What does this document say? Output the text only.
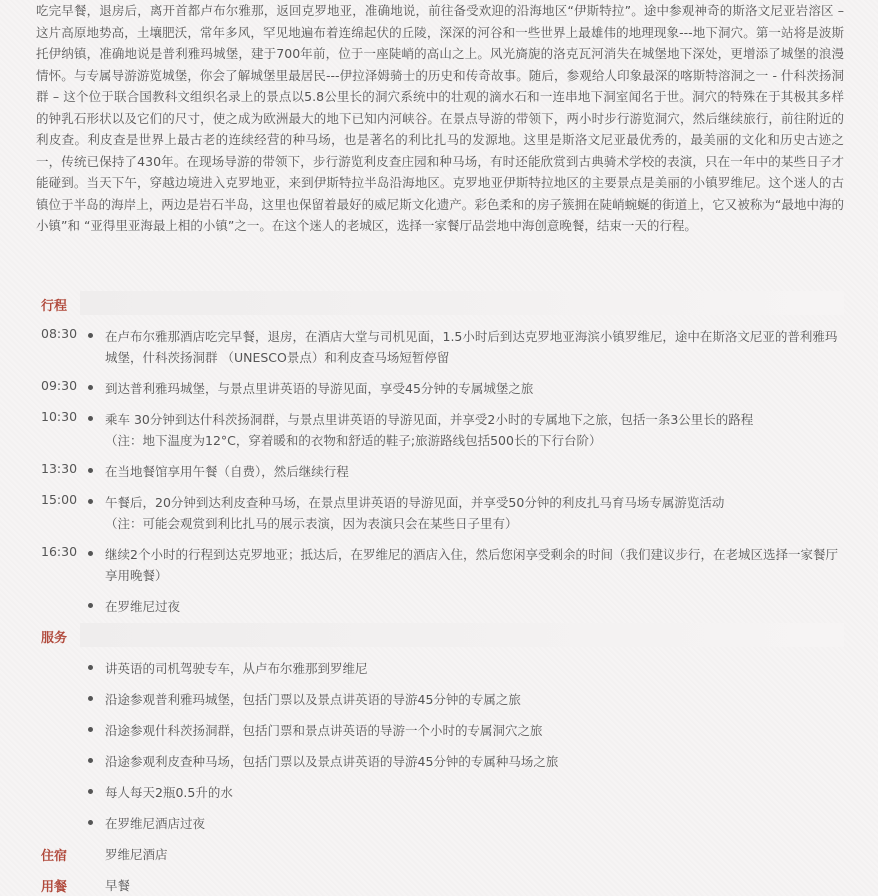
吃完早餐，退房后，离开首都卢布尔雅那，返回克罗地亚，准确地说，前往备受欢迎的沿海地区“伊斯特拉”。途中参观神奇的斯洛文尼亚岩溶区 – 这片高原地势高，土壤肥沃，常年多风，罕见地遍布着连绵起伏的丘陵，深深的河谷和一些世界上最雄伟的地理现象---地下洞穴。第一站将是波斯托伊纳镇，准确地说是普利雅玛城堡，建于700年前，位于一座陡峭的高山之上。风光旖旎的洛克瓦河消失在城堡地下深处，更增添了城堡的浪漫情怀。与专属导游游览城堡，你会了解城堡里最居民---伊拉泽姆骑士的历史和传奇故事。随后，参观给人印象最深的喀斯特溶洞之一 - 什科茨扬洞群 – 这个位于联合国教科文组织名录上的景点以5.8公里长的洞穴系统中的壮观的滴水石和一连串地下洞室闻名于世。洞穴的特殊在于其极其多样的钟乳石形状以及它们的尺寸，使之成为欧洲最大的地下已知内河峡谷。在景点导游的带领下，两小时步行游览洞穴，然后继续旅行，前往附近的利皮查。利皮查是世界上最古老的连续经营的种马场，也是著名的利比扎马的发源地。这里是斯洛文尼亚最优秀的，最美丽的文化和历史古迹之一，传统已保持了430年。在现场导游的带领下，步行游览利皮查庄园和种马场，有时还能欣赏到古典骑术学校的表演，只在一年中的某些日子才能碰到。当天下午，穿越边境进入克罗地亚，来到伊斯特拉半岛沿海地区。克罗地亚伊斯特拉地区的主要景点是美丽的小镇罗维尼。这个迷人的古镇位于半岛的海岸上，两边是岩石半岛，这里也保留着最好的威尼斯文化遗产。彩色柔和的房子簇拥在陡峭蜿蜒的街道上，它又被称为“最地中海的小镇”和 “亚得里亚海最上相的小镇”之一。在这个迷人的老城区，选择一家餐厅品尝地中海创意晚餐，结束一天的行程。

行程
08:30 在卢布尔雅那酒店吃完早餐，退房，在酒店大堂与司机见面，1.5小时后到达克罗地亚海滨小镇罗维尼，途中在斯洛文尼亚的普利雅玛城堡，什科茨扬洞群 （UNESCO景点）和利皮查马场短暂停留
09:30 到达普利雅玛城堡，与景点里讲英语的导游见面，享受45分钟的专属城堡之旅
10:30 乘车 30分钟到达什科茨扬洞群，与景点里讲英语的导游见面，并享受2小时的专属地下之旅，包括一条3公里长的路程
（注：地下温度为12°C，穿着暖和的衣物和舒适的鞋子;旅游路线包括500长的下行台阶）
13:30 在当地餐馆享用午餐（自费），然后继续行程
15:00 午餐后，20分钟到达利皮查种马场，在景点里讲英语的导游见面，并享受50分钟的利皮扎马育马场专属游览活动
（注：可能会观赏到利比扎马的展示表演，因为表演只会在某些日子里有）
16:30 继续2个小时的行程到达克罗地亚；抵达后，在罗维尼的酒店入住，然后您闲享受剩余的时间（我们建议步行，在老城区选择一家餐厅享用晚餐）
在罗维尼过夜
服务
讲英语的司机驾驶专车，从卢布尔雅那到罗维尼
沿途参观普利雅玛城堡，包括门票以及景点讲英语的导游45分钟的专属之旅
沿途参观什科茨扬洞群，包括门票和景点讲英语的导游一个小时的专属洞穴之旅
沿途参观利皮查种马场，包括门票以及景点讲英语的导游45分钟的专属种马场之旅
每人每天2瓶0.5升的水
在罗维尼酒店过夜
住宿	罗维尼酒店
用餐	早餐
